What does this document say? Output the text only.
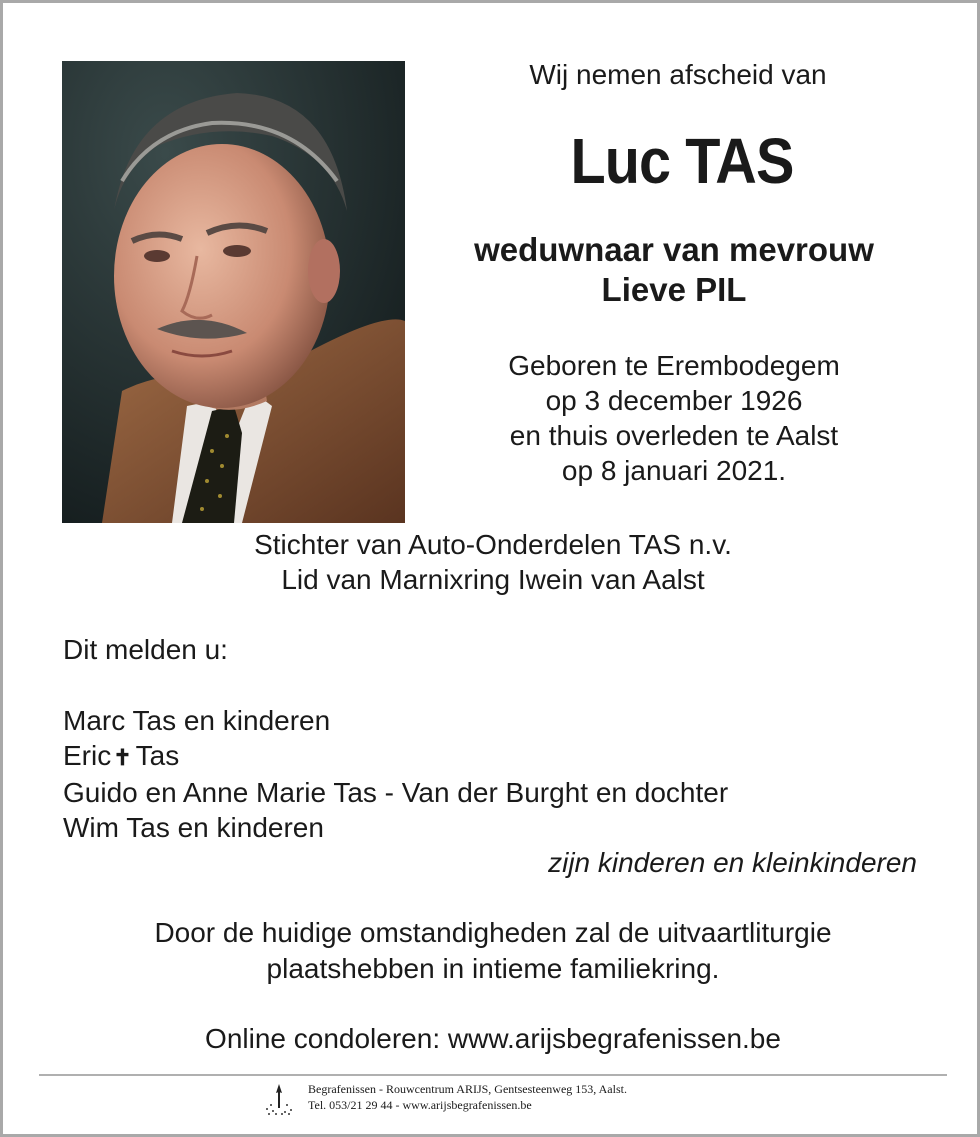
Wij nemen afscheid van
Luc TAS
weduwnaar van mevrouw
Lieve PIL
Geboren te Erembodegem
op 3 december 1926
en thuis overleden te Aalst
op 8 januari 2021.
Stichter van Auto-Onderdelen TAS n.v.
Lid van Marnixring Iwein van Aalst
Dit melden u:
Marc Tas en kinderen
Eric✝ Tas
Guido en Anne Marie Tas - Van der Burght en dochter
Wim Tas en kinderen
zijn kinderen en kleinkinderen
Door de huidige omstandigheden zal de uitvaartliturgie
plaatshebben in intieme familiekring.
Online condoleren: www.arijsbegrafenissen.be
Begrafenissen - Rouwcentrum ARIJS, Gentsesteenweg 153, Aalst.
Tel. 053/21 29 44 - www.arijsbegrafenissen.be
